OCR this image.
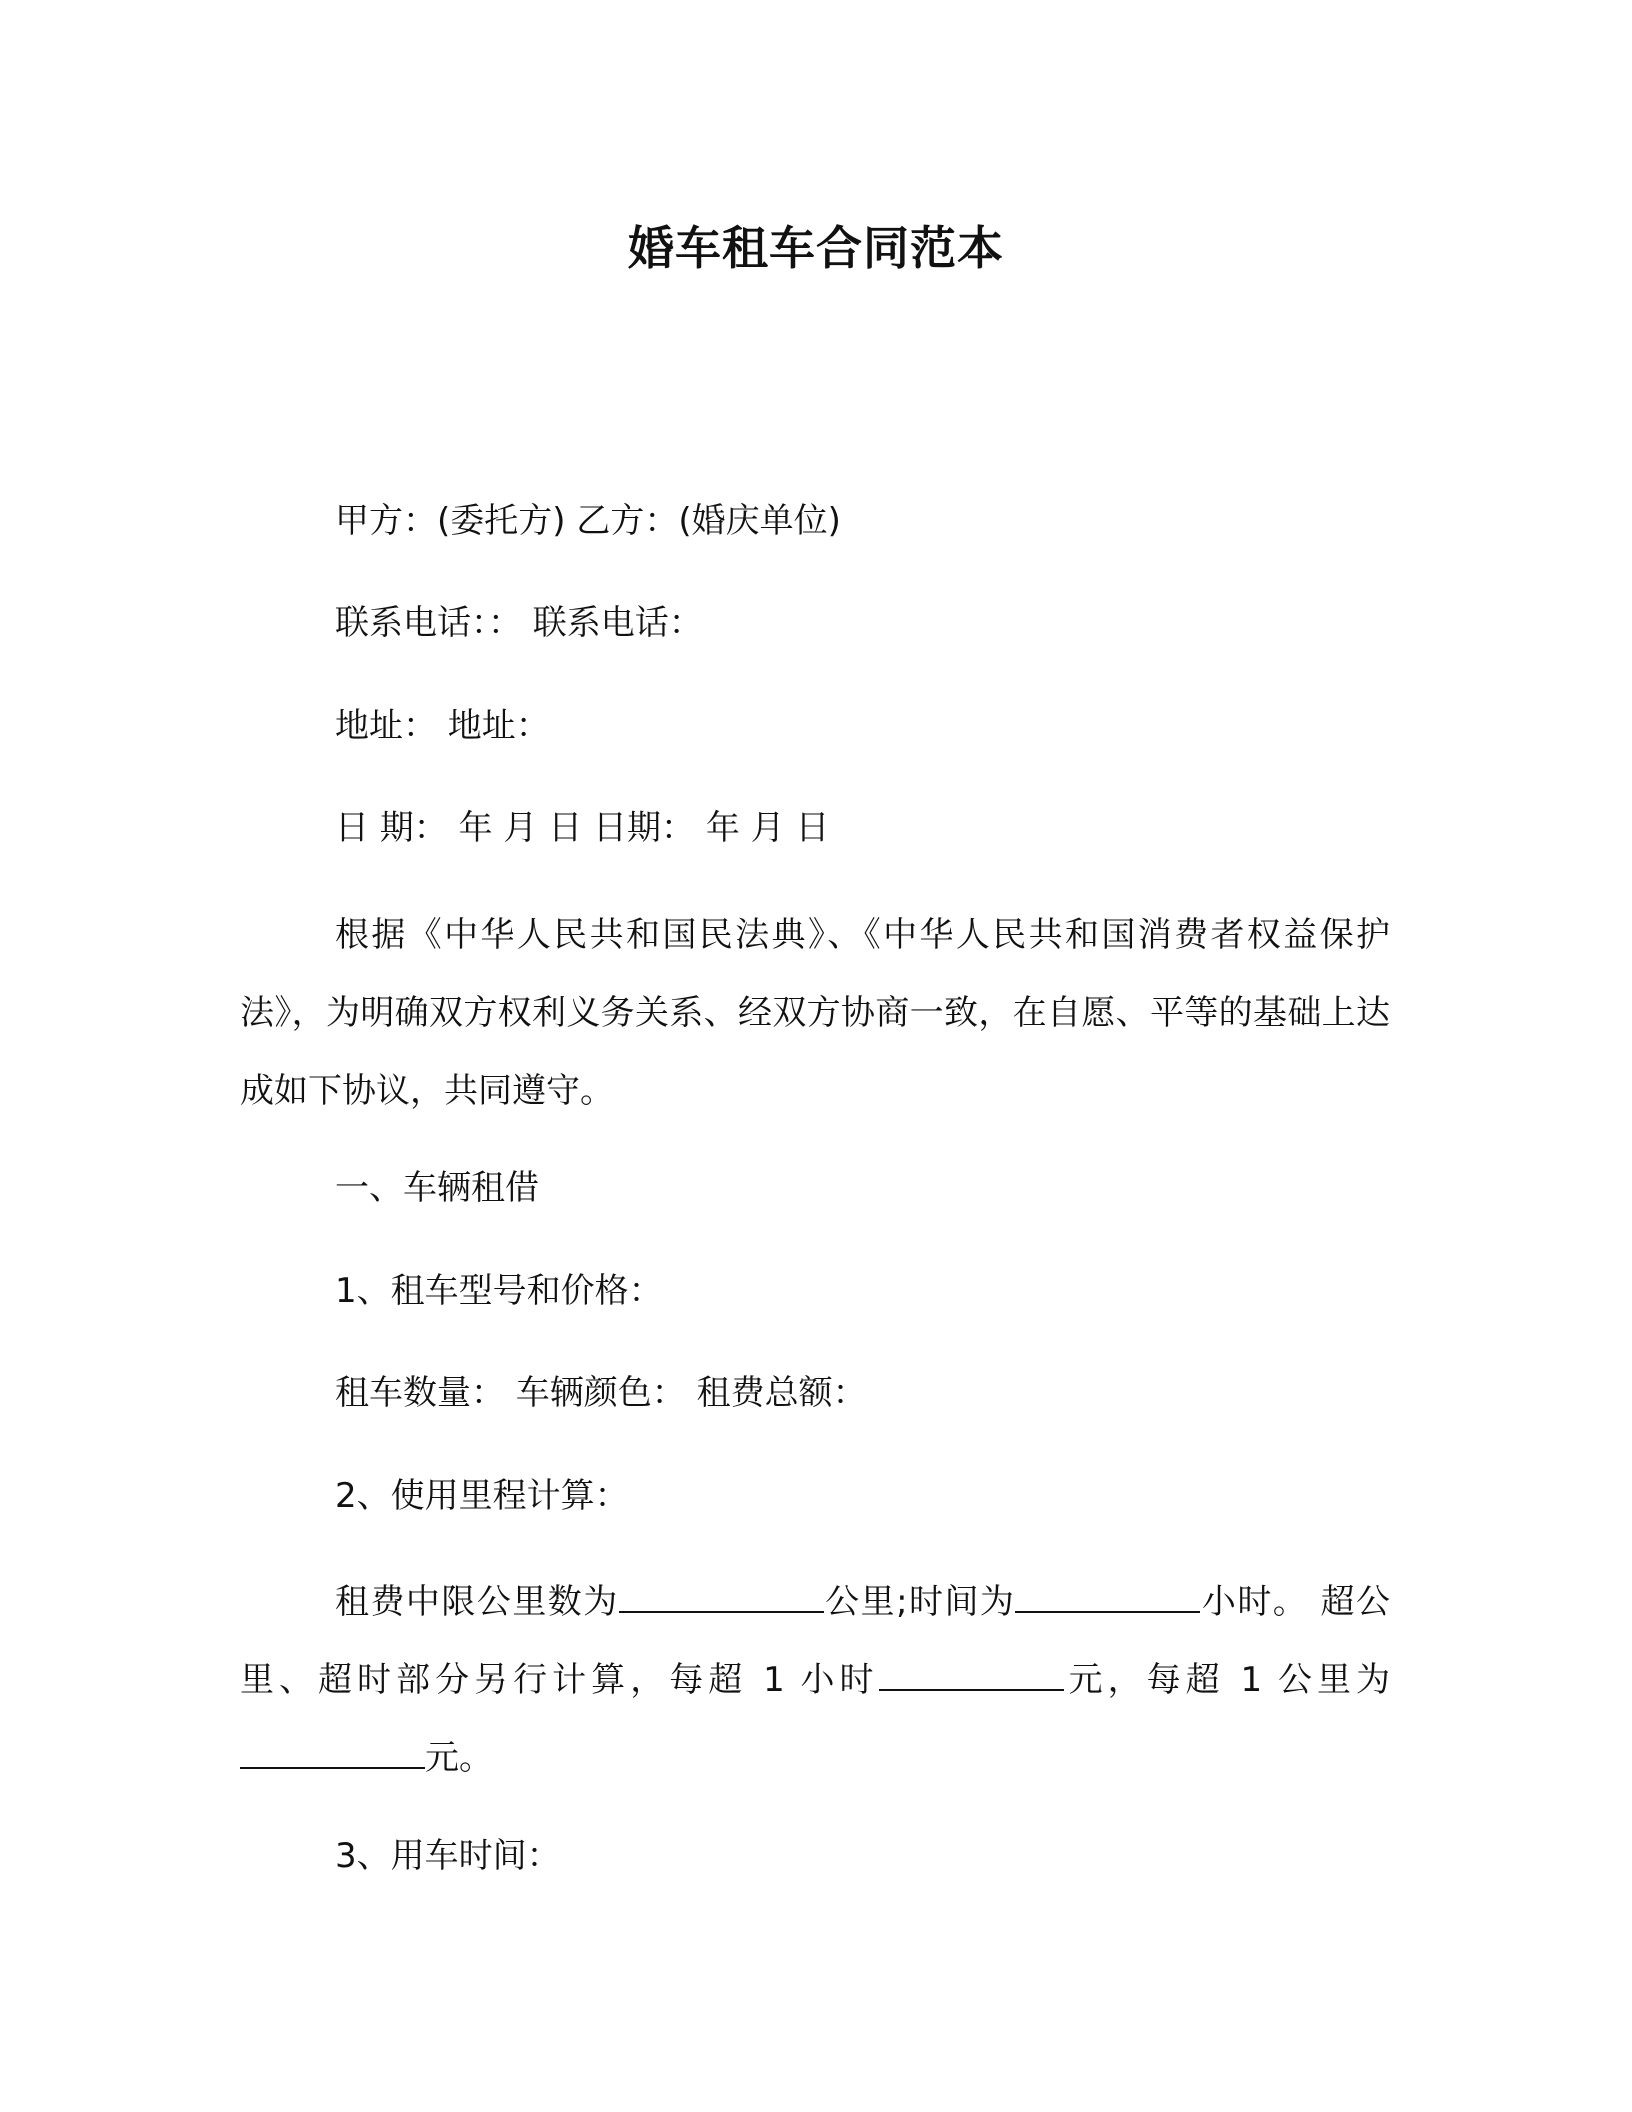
婚车租车合同范本
甲方：(委托方) 乙方：(婚庆单位)
联系电话：： 联系电话：
地址： 地址：
日 期： 年 月 日 日期： 年 月 日
根据《中华人民共和国民法典》、《中华人民共和国消费者权益保护法》，为明确双方权利义务关系、经双方协商一致，在自愿、平等的基础上达成如下协议，共同遵守。
一、车辆租借
1、租车型号和价格：
租车数量： 车辆颜色： 租费总额：
2、使用里程计算：
租费中限公里数为	公里;时间为	小时。 超公里、超时部分另行计算，每超 1 小时	元，每超 1 公里为元。
3、用车时间：
